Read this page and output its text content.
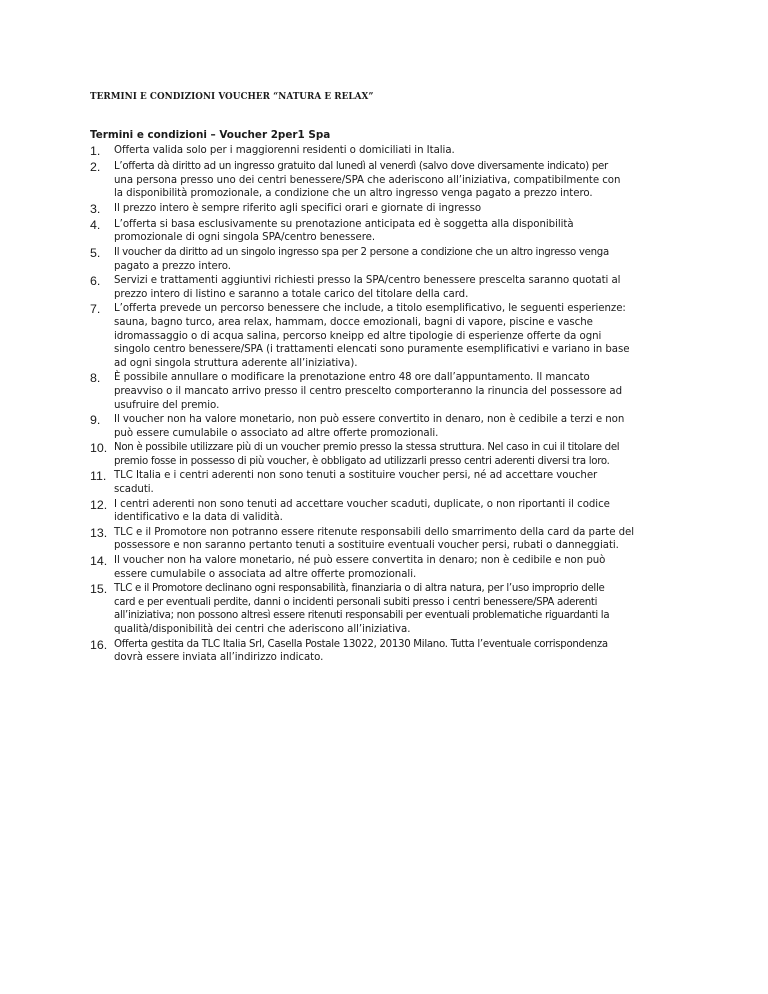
TERMINI E CONDIZIONI VOUCHER “NATURA E RELAX”
Termini e condizioni – Voucher 2per1 Spa
1.	Offerta valida solo per i maggiorenni residenti o domiciliati in Italia.
2.	L’offerta dà diritto ad un ingresso gratuito dal lunedì al venerdì (salvo dove diversamente indicato) per
una persona presso uno dei centri benessere/SPA che aderiscono all’iniziativa, compatibilmente con
la disponibilità promozionale, a condizione che un altro ingresso venga pagato a prezzo intero.
3.	Il prezzo intero è sempre riferito agli specifici orari e giornate di ingresso
4.	L’offerta si basa esclusivamente su prenotazione anticipata ed è soggetta alla disponibilità
promozionale di ogni singola SPA/centro benessere.
5.	Il voucher da diritto ad un singolo ingresso spa per 2 persone a condizione che un altro ingresso venga
pagato a prezzo intero.
6.	Servizi e trattamenti aggiuntivi richiesti presso la SPA/centro benessere prescelta saranno quotati al
prezzo intero di listino e saranno a totale carico del titolare della card.
7.	L’offerta prevede un percorso benessere che include, a titolo esemplificativo, le seguenti esperienze:
sauna, bagno turco, area relax, hammam, docce emozionali, bagni di vapore, piscine e vasche
idromassaggio o di acqua salina, percorso kneipp ed altre tipologie di esperienze offerte da ogni
singolo centro benessere/SPA (i trattamenti elencati sono puramente esemplificativi e variano in base
ad ogni singola struttura aderente all’iniziativa).
8.	È possibile annullare o modificare la prenotazione entro 48 ore dall’appuntamento. Il mancato
preavviso o il mancato arrivo presso il centro prescelto comporteranno la rinuncia del possessore ad
usufruire del premio.
9.	Il voucher non ha valore monetario, non può essere convertito in denaro, non è cedibile a terzi e non
può essere cumulabile o associato ad altre offerte promozionali.
10. Non è possibile utilizzare più di un voucher premio presso la stessa struttura. Nel caso in cui il titolare del
premio fosse in possesso di più voucher, è obbligato ad utilizzarli presso centri aderenti diversi tra loro.
11. TLC Italia e i centri aderenti non sono tenuti a sostituire voucher persi, né ad accettare voucher
scaduti.
12. I centri aderenti non sono tenuti ad accettare voucher scaduti, duplicate, o non riportanti il codice
identificativo e la data di validità.
13. TLC e il Promotore non potranno essere ritenute responsabili dello smarrimento della card da parte del
possessore e non saranno pertanto tenuti a sostituire eventuali voucher persi, rubati o danneggiati.
14. Il voucher non ha valore monetario, né può essere convertita in denaro; non è cedibile e non può
essere cumulabile o associata ad altre offerte promozionali.
15. TLC e il Promotore declinano ogni responsabilità, finanziaria o di altra natura, per l’uso improprio delle
card e per eventuali perdite, danni o incidenti personali subiti presso i centri benessere/SPA aderenti
all’iniziativa; non possono altresì essere ritenuti responsabili per eventuali problematiche riguardanti la
qualità/disponibilità dei centri che aderiscono all’iniziativa.
16. Offerta gestita da TLC Italia Srl, Casella Postale 13022, 20130 Milano. Tutta l’eventuale corrispondenza
dovrà essere inviata all’indirizzo indicato.
